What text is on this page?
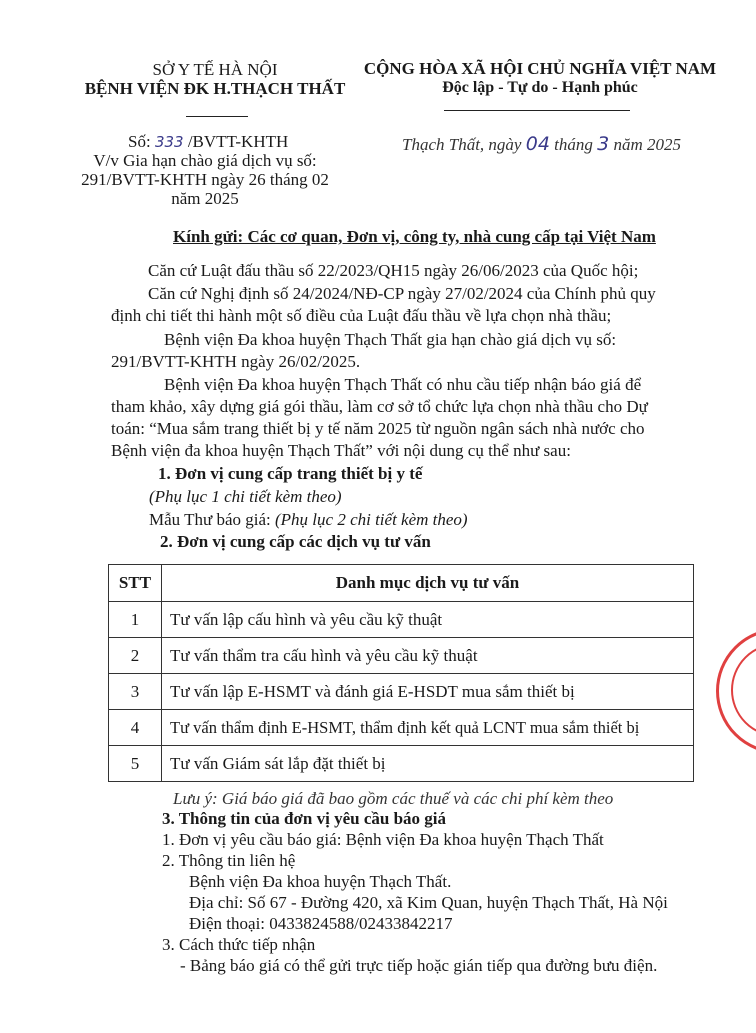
SỞ Y TẾ HÀ NỘI
BỆNH VIỆN ĐK H.THẠCH THẤT
CỘNG HÒA XÃ HỘI CHỦ NGHĨA VIỆT NAM
Độc lập - Tự do - Hạnh phúc
Số: 333 /BVTT-KHTH
V/v Gia hạn chào giá dịch vụ số:
291/BVTT-KHTH ngày 26 tháng 02
năm 2025
Thạch Thất, ngày 04 tháng 3 năm 2025
Kính gửi: Các cơ quan, Đơn vị, công ty, nhà cung cấp tại Việt Nam
Căn cứ Luật đấu thầu số 22/2023/QH15 ngày 26/06/2023 của Quốc hội;
Căn cứ Nghị định số 24/2024/NĐ-CP ngày 27/02/2024 của Chính phủ quy
định chi tiết thi hành một số điều của Luật đấu thầu về lựa chọn nhà thầu;
Bệnh viện Đa khoa huyện Thạch Thất gia hạn chào giá dịch vụ số:
291/BVTT-KHTH ngày 26/02/2025.
Bệnh viện Đa khoa huyện Thạch Thất có nhu cầu tiếp nhận báo giá để
tham khảo, xây dựng giá gói thầu, làm cơ sở tổ chức lựa chọn nhà thầu cho Dự
toán: “Mua sắm trang thiết bị y tế năm 2025 từ nguồn ngân sách nhà nước cho
Bệnh viện đa khoa huyện Thạch Thất” với nội dung cụ thể như sau:
1. Đơn vị cung cấp trang thiết bị y tế
(Phụ lục 1 chi tiết kèm theo)
Mẫu Thư báo giá: (Phụ lục 2 chi tiết kèm theo)
2. Đơn vị cung cấp các dịch vụ tư vấn
STT	Danh mục dịch vụ tư vấn
1	Tư vấn lập cấu hình và yêu cầu kỹ thuật
2	Tư vấn thẩm tra cấu hình và yêu cầu kỹ thuật
3	Tư vấn lập E-HSMT và đánh giá E-HSDT mua sắm thiết bị
4	Tư vấn thẩm định E-HSMT, thẩm định kết quả LCNT mua sắm thiết bị
5	Tư vấn Giám sát lắp đặt thiết bị
Lưu ý: Giá báo giá đã bao gồm các thuế và các chi phí kèm theo
3. Thông tin của đơn vị yêu cầu báo giá
1. Đơn vị yêu cầu báo giá: Bệnh viện Đa khoa huyện Thạch Thất
2. Thông tin liên hệ
Bệnh viện Đa khoa huyện Thạch Thất.
Địa chỉ: Số 67 - Đường 420, xã Kim Quan, huyện Thạch Thất, Hà Nội
Điện thoại: 0433824588/02433842217
3. Cách thức tiếp nhận
- Bảng báo giá có thể gửi trực tiếp hoặc gián tiếp qua đường bưu điện.
